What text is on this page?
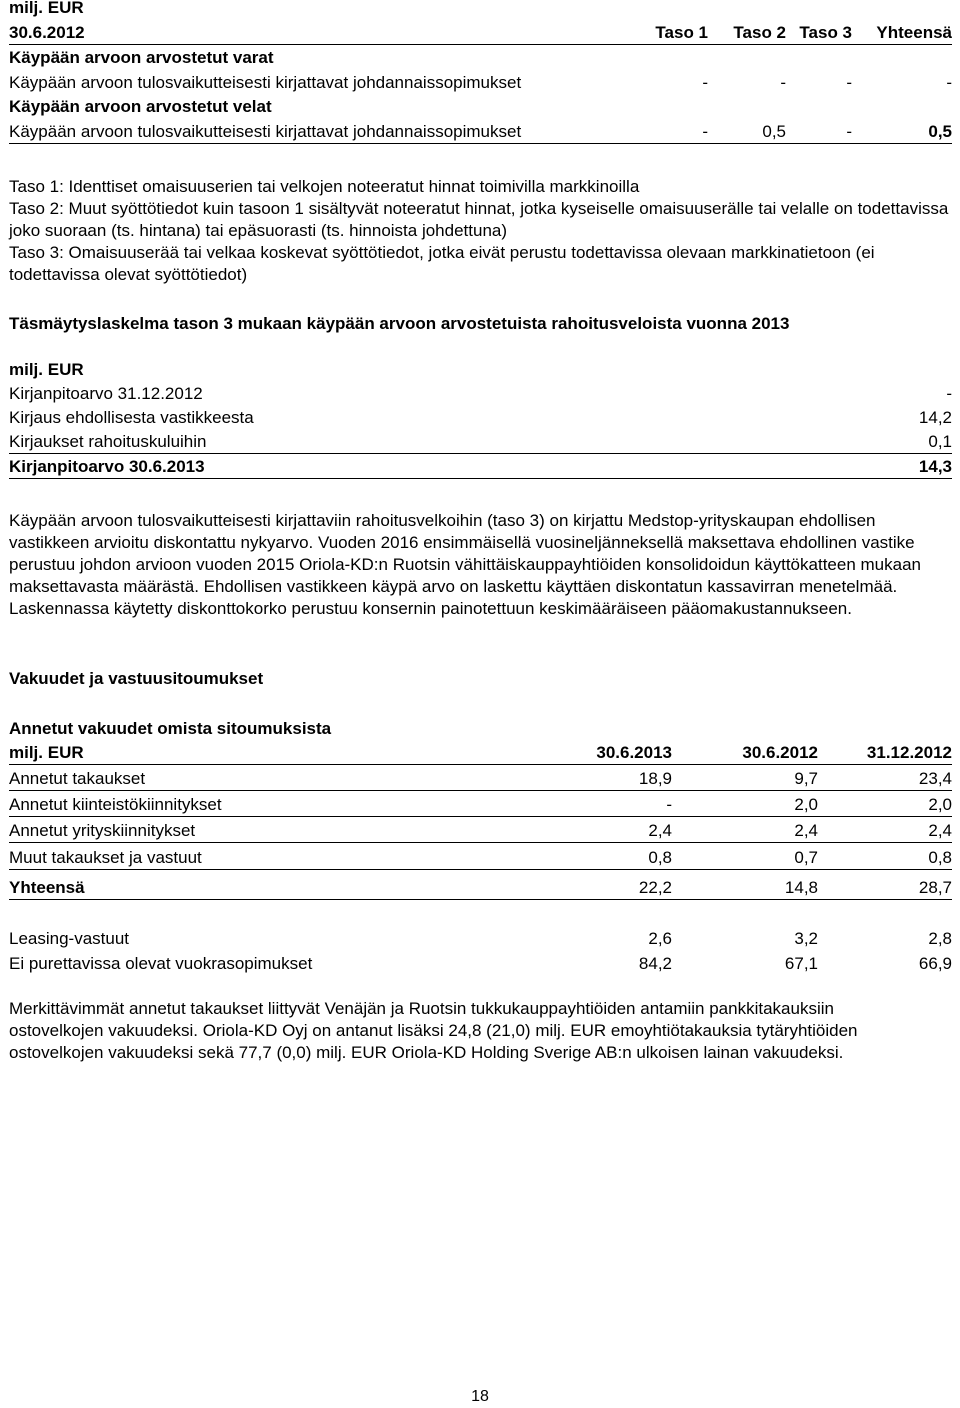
milj. EUR
30.6.2012	Taso 1	Taso 2 Taso 3	Yhteensä
Käypään arvoon arvostetut varat
Käypään arvoon tulosvaikutteisesti kirjattavat johdannaissopimukset	-	-	-	-
Käypään arvoon arvostetut velat
Käypään arvoon tulosvaikutteisesti kirjattavat johdannaissopimukset	-	0,5	-	0,5

Taso 1: Identtiset omaisuuserien tai velkojen noteeratut hinnat toimivilla markkinoilla

Taso 2: Muut syöttötiedot kuin tasoon 1 sisältyvät noteeratut hinnat, jotka kyseiselle omaisuuserälle tai velalle on todettavissa joko suoraan (ts. hintana) tai epäsuorasti (ts. hinnoista johdettuna)

Taso 3: Omaisuuserää tai velkaa koskevat syöttötiedot, jotka eivät perustu todettavissa olevaan markkinatietoon (ei todettavissa olevat syöttötiedot)

Täsmäytyslaskelma tason 3 mukaan käypään arvoon arvostetuista rahoitusveloista vuonna 2013
milj. EUR
Kirjanpitoarvo 31.12.2012	-
Kirjaus ehdollisesta vastikkeesta	14,2
Kirjaukset rahoituskuluihin	0,1
Kirjanpitoarvo 30.6.2013	14,3

Käypään arvoon tulosvaikutteisesti kirjattaviin rahoitusvelkoihin (taso 3) on kirjattu Medstop-yrityskaupan ehdollisen vastikkeen arvioitu diskontattu nykyarvo. Vuoden 2016 ensimmäisellä vuosineljänneksellä maksettava ehdollinen vastike perustuu johdon arvioon vuoden 2015 Oriola-KD:n Ruotsin vähittäiskauppayhtiöiden konsolidoidun käyttökatteen mukaan maksettavasta määrästä. Ehdollisen vastikkeen käypä arvo on laskettu käyttäen diskontatun kassavirran menetelmää. Laskennassa käytetty diskonttokorko perustuu konsernin painotettuun keskimääräiseen pääomakustannukseen.

Vakuudet ja vastuusitoumukset
Annetut vakuudet omista sitoumuksista
milj. EUR	30.6.2013	30.6.2012	31.12.2012
Annetut takaukset	18,9	9,7	23,4
Annetut kiinteistökiinnitykset	-	2,0	2,0
Annetut yrityskiinnitykset	2,4	2,4	2,4
Muut takaukset ja vastuut	0,8	0,7	0,8
Yhteensä	22,2	14,8	28,7
Leasing-vastuut	2,6	3,2	2,8
Ei purettavissa olevat vuokrasopimukset	84,2	67,1	66,9

Merkittävimmät annetut takaukset liittyvät Venäjän ja Ruotsin tukkukauppayhtiöiden antamiin pankkitakauksiin ostovelkojen vakuudeksi. Oriola-KD Oyj on antanut lisäksi 24,8 (21,0) milj. EUR emoyhtiötakauksia tytäryhtiöiden ostovelkojen vakuudeksi sekä 77,7 (0,0) milj. EUR Oriola-KD Holding Sverige AB:n ulkoisen lainan vakuudeksi.

18
